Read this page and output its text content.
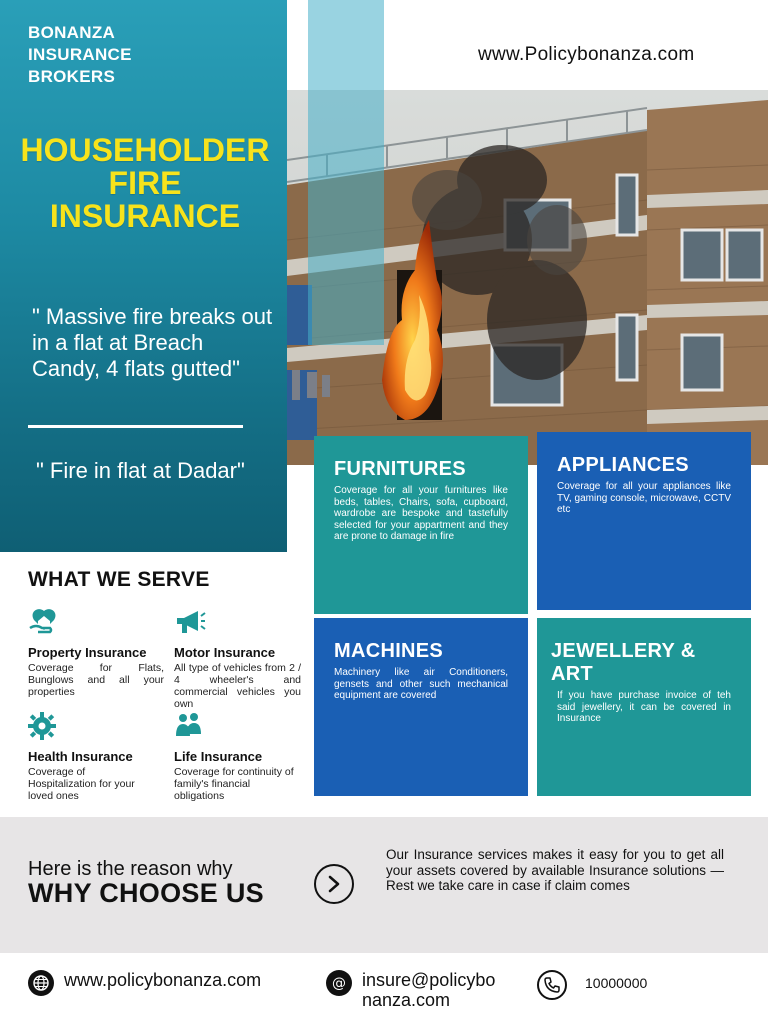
BONANZA
INSURANCE
BROKERS
www.Policybonanza.com
HOUSEHOLDER
FIRE
INSURANCE
" Massive fire breaks out in a flat at Breach Candy, 4 flats gutted"
" Fire in flat at Dadar"	FURNITURES

Coverage for all your furnitures like beds, tables, Chairs, sofa, cupboard, wardrobe are bespoke and tastefully selected for your appartment and they are prone to damage in fire

APPLIANCES

Coverage for all your appliances like TV, gaming console, microwave, CCTV etc

MACHINES

Machinery like air Conditioners, gensets and other such mechanical equipment are covered

JEWELLERY & ART

If you have purchase invoice of teh said jewellery, it can be covered in Insurance

WHAT WE SERVE
Property Insurance

Coverage for Flats, Bunglows and all your properties

Motor Insurance

All type of vehicles from 2 / 4 wheeler's and commercial vehicles you own

Health Insurance

Coverage of Hospitalization for your loved ones

Life Insurance

Coverage for continuity of family's financial obligations

Here is the reason why
WHY CHOOSE US
Our Insurance services makes it easy for you to get all your assets covered by available Insurance solutions — Rest we take care in case if claim comes
www.policybonanza.com	@ insure@policybonanza.com
10000000
